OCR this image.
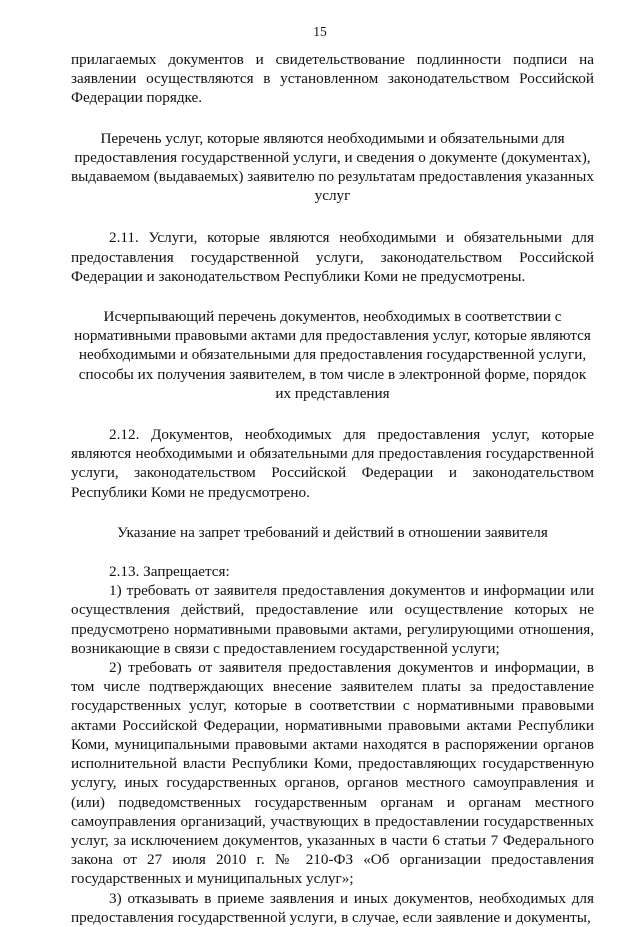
15

прилагаемых документов и свидетельствование подлинности подписи на заявлении осуществляются в установленном законодательством Российской Федерации порядке.

Перечень услуг, которые являются необходимыми и обязательными для предоставления государственной услуги, и сведения о документе (документах), выдаваемом (выдаваемых) заявителю по результатам предоставления указанных услуг

2.11. Услуги, которые являются необходимыми и обязательными для предоставления государственной услуги, законодательством Российской Федерации и законодательством Республики Коми не предусмотрены.

Исчерпывающий перечень документов, необходимых в соответствии с нормативными правовыми актами для предоставления услуг, которые являются необходимыми и обязательными для предоставления государственной услуги, способы их получения заявителем, в том числе в электронной форме, порядок их представления

2.12. Документов, необходимых для предоставления услуг, которые являются необходимыми и обязательными для предоставления государственной услуги, законодательством Российской Федерации и законодательством Республики Коми не предусмотрено.

Указание на запрет требований и действий в отношении заявителя

2.13. Запрещается:

1) требовать от заявителя предоставления документов и информации или осуществления действий, предоставление или осуществление которых не предусмотрено нормативными правовыми актами, регулирующими отношения, возникающие в связи с предоставлением государственной услуги;

2) требовать от заявителя предоставления документов и информации, в том числе подтверждающих внесение заявителем платы за предоставление государственных услуг, которые в соответствии с нормативными правовыми актами Российской Федерации, нормативными правовыми актами Республики Коми, муниципальными правовыми актами находятся в распоряжении органов исполнительной власти Республики Коми, предоставляющих государственную услугу, иных государственных органов, органов местного самоуправления и (или) подведомственных государственным органам и органам местного самоуправления организаций, участвующих в предоставлении государственных услуг, за исключением документов, указанных в части 6 статьи 7 Федерального закона от 27 июля 2010 г. № 210-ФЗ «Об организации предоставления государственных и муниципальных услуг»;

3) отказывать в приеме заявления и иных документов, необходимых для предоставления государственной услуги, в случае, если заявление и документы,
